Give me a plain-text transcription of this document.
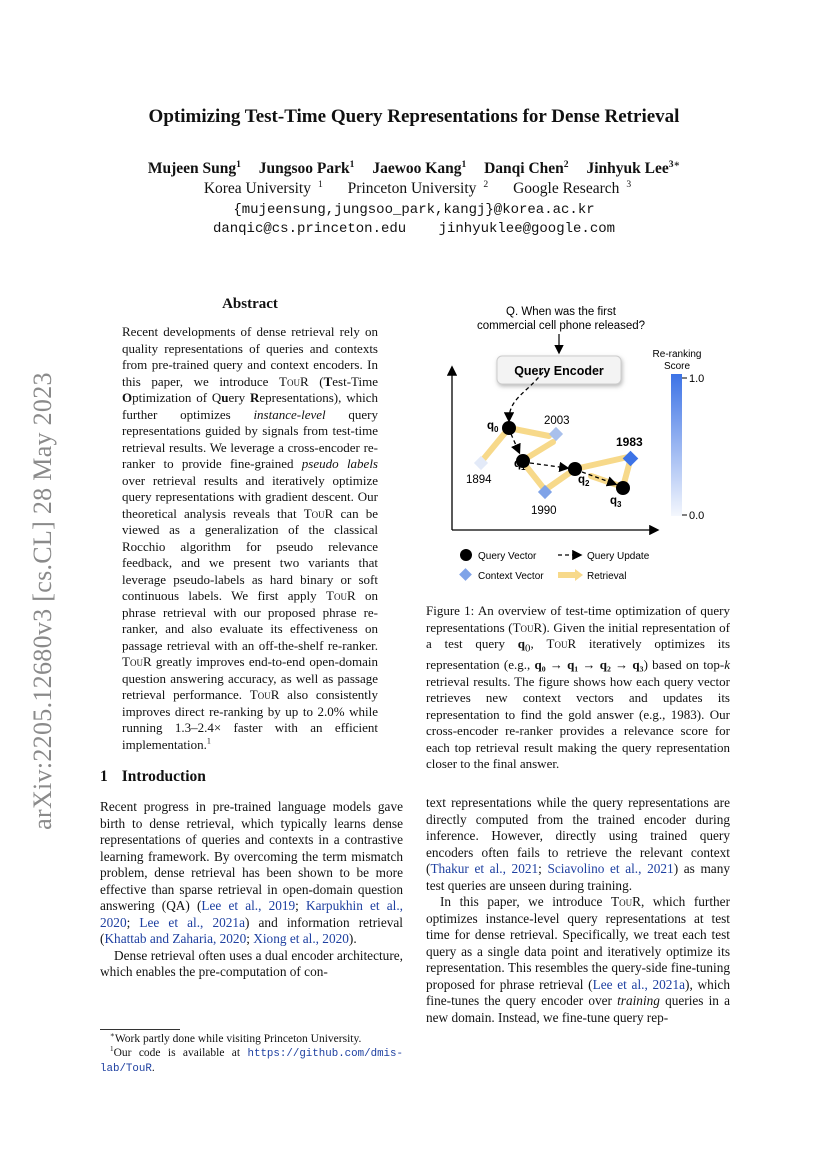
arXiv:2205.12680v3 [cs.CL] 28 May 2023
Optimizing Test-Time Query Representations for Dense Retrieval
Mujeen Sung$^1$ Jungsoo Park$^1$ Jaewoo Kang$^1$ Danqi Chen$^2$ Jinhyuk Lee$^{3∗}$
Korea University $^1$ Princeton University $^2$ Google Research $^3$
{mujeensung,jungsoo_park,kangj}@korea.ac.kr
danqic@cs.princeton.edu jinhyuklee@google.com
Abstract
Recent developments of dense retrieval rely on quality representations of queries and contexts from pre-trained query and context encoders. In this paper, we introduce TouR (Test-Time Optimization of Query Representations), which further optimizes instance-level query representations guided by signals from test-time retrieval results. We leverage a cross-encoder re-ranker to provide fine-grained pseudo labels over retrieval results and iteratively optimize query representations with gradient descent. Our theoretical analysis reveals that TouR can be viewed as a generalization of the classical Rocchio algorithm for pseudo relevance feedback, and we present two variants that leverage pseudo-labels as hard binary or soft continuous labels. We first apply TouR on phrase retrieval with our proposed phrase re-ranker, and also evaluate its effectiveness on passage retrieval with an off-the-shelf re-ranker. TouR greatly improves end-to-end open-domain question answering accuracy, as well as passage retrieval performance. TouR also consistently improves direct re-ranking by up to 2.0% while running 1.3–2.4× faster with an efficient implementation.$^1$
1 Introduction

Recent progress in pre-trained language models gave birth to dense retrieval, which typically learns dense representations of queries and contexts in a contrastive learning framework. By overcoming the term mismatch problem, dense retrieval has been shown to be more effective than sparse retrieval in open-domain question answering (QA) (Lee et al., 2019; Karpukhin et al., 2020; Lee et al., 2021a) and information retrieval (Khattab and Zaharia, 2020; Xiong et al., 2020).

Dense retrieval often uses a dual encoder architecture, which enables the pre-computation of con-

∗Work partly done while visiting Princeton University.

$^1$Our code is available at https://github.com/dmis-lab/TouR.

text representations while the query representations are directly computed from the trained encoder during inference. However, directly using trained query encoders often fails to retrieve the relevant context (Thakur et al., 2021; Sciavolino et al., 2021) as many test queries are unseen during training.

In this paper, we introduce TouR, which further optimizes instance-level query representations at test time for dense retrieval. Specifically, we treat each test query as a single data point and iteratively optimize its representation. This resembles the query-side fine-tuning proposed for phrase retrieval (Lee et al., 2021a), which fine-tunes the query encoder over training queries in a new domain. Instead, we fine-tune query rep-

Q. When was the first
commercial cell phone released?
Query Encoder
$q_0$
$q_1$
$q_2$
$q_3$
2003
1894
1990
1983
Re-ranking
Score
1.0
0.0
Query Vector	Query Update
Context Vector	Retrieval

Figure 1: An overview of test-time optimization of query representations (TouR). Given the initial representation of a test query $q_0$, TouR iteratively optimizes its representation (e.g., q₀ → q₁ → q₂ → q₃) based on top-k retrieval results. The figure shows how each query vector retrieves new context vectors and updates its representation to find the gold answer (e.g., 1983). Our cross-encoder re-ranker provides a relevance score for each top retrieval result making the query representation closer to the final answer.
